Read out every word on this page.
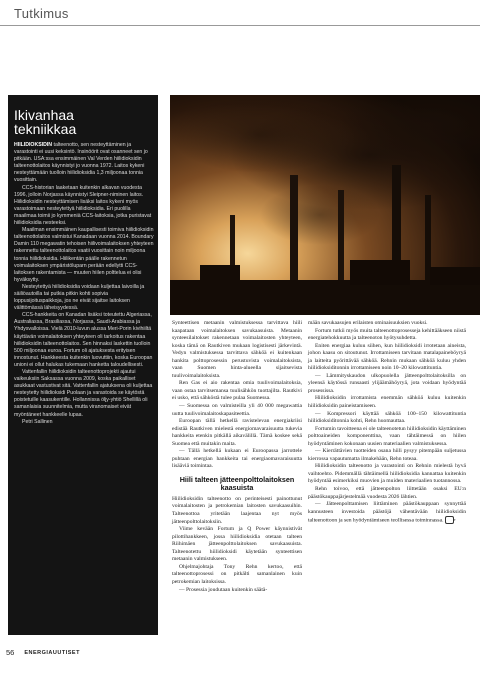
Tutkimus
Ikivanhaa
tekniikkaa

HIILIDIOKSIDIN talteenotto, sen nesteyttäminen ja varastointi ei uusi keksintö. Insinöörit ovat osanneet sen jo pitkään. USA:ssa ensimmäinen Val Verden hiilidioksidin talteenottolaitos käynnistyi jo vuonna 1972. Laitos kykeni nesteyttämään tuolloin hiilidioksidia 1,3 miljoonaa tonnia vuosittain.

CCS-historian laaketaan kuitenkin alkavan vuodesta 1996, jolloin Norjassa käynnistyi Sleipner-niminen laitos. Hiilidioksidin nesteyttämisen lisäksi laitos kykeni myös varastoimaan nesteytettyä hiilidioksidia. Eri puolilla maailmaa toimii jo kymmeniä CCS-laitoksia, jotka puristavat hiilidioksidia nesteeksi.

Maailman ensimmäinen kaupallisesti toimiva hiilidioksidin talteenottolaitos valmistui Kanadaan vuonna 2014. Boundary Damin 110 megawatin tehoisen hiilivoimalaitoksen yhteyteen rakennettu talteenottolaitos vaatii vuosittain noin miljoona tonnia hiilidioksidia. Hiilikentän päälle rakennetun voimalaitoksen ympäristöluparn perään edellytti CCS-laitoksen rakentamista — muuten hiilen polttelua ei olisi hyväksytty.

Nesteytettyä hiilidioksidia voidaan kuljettaa laivoilla ja säiliöautoilla tai putkia pitkin kohti sopivia loppusijoituspaikkoja, jos ne eivät sijaitse laitoksen välittömässä läheisyydessä.

CCS-hankkeita on Kanadan lisäksi toteutettu Algeriassa, Australiassa, Brasiliassa, Norjassa, Saudi-Arabiassa ja Yhdysvalloissa. Vielä 2010-luvun alussa Meri-Porin kivihiiltä käyttävän voimalaitoksen yhteyteen oli tarkoitus rakentaa hiilidioksidin talteenottolaitos. Sen hinnaksi laskettin tuolloin 500 miljoonaa euroa. Fortum oli ajatuksesta erityisen innostunut. Hankkeesta kuitenkin luovuttiin, koska Euroopan unioni ei ollut halukas tukemaan hanketta taloudellisesti.

Vattenfallin hiilidioksidin talteenottoprojekti ajautui vaikeuksiin Saksassa vuonna 2009, koska paikalliset asukkaat vastustivat sitä. Vattenfallin ajatuksena oli kuljettaa nesteytetty hiilidioksidi Puolaan ja varastoida se käytöstä poistetuille kaasukentille. Hollannissa öljy-yhtiö Shellillä oli samanlaisia suunnitelmia, mutta viranomaiset eivät myöntäneet hankkeelle lupaa.

Petri Sallinen

Synteettisen metaanin valmistuksessa tarvittava hiili kaapataan voimalaitoksen savukaasuista. Metaanin synteesilaitokset rakennetaan voimalaitosten yhteyteen, koska tämä on Rautkiven mukaan logistisesti järkevintä. Vedyn valmistuksessa tarvittava sähköä ei kuitenkaan hankita polttoprosessin perustuvista voimalaitoksista, vaan Suomen hinta-alueella sijaitsevista tuulivoimalaitoksista.

Ren Gas ei aio rakentaa omia tuulivoimalaitoksia, vaan ostaa tarvitsemansa tuulisähkön tuottajilta. Rautkivi ei usko, että sähköstä tulee pulaa Suomessa.

— Suomessa on valmisteilla yli 40 000 megawattia uutta tuulivoimalaitoskapasiteettia.

Euroopan tällä hetkellä ravistelevan energiakriisi edistää Rautkiven mielestä energiomavaraisuutta tukevia hankkeita etenkin pitkällä aikavälillä. Tämä koskee sekä Suomea että muitakin maita.

— Tällä hetkellä kukaan ei Euroopassa jarrottele puhtaan energian hankkeita tai energiaomavaraisuutta lisääviä toimintaa.

Hiili talteen jätteenpolttolaitoksen kaasuista

Hiilidioksidin talteenotto on perinteisesti painottunut voimalaitosten ja petrokemian laitosten savukaasuihin. Talteenottoa yritetään laajentaa nyt myös jätteenpolttolaitoksiin.

Viime kevään Fortum ja Q Power käynnistivät pilottihankkeen, jossa hiilidioksidia otetaan talteen Riihimäen jätteenpolttolaitoksen savukaasuista. Talteenotettu hiilidioksidi käytetään synteettisen metaanin valmistukseen.

Ohjelmajohtaja Tony Rehn kertoo, että talteenottoprosessi on pitkälti samanlainen kuin petrokemian laitoksissa.

— Prosessia joudutaan kuitenkin säätä-

mään savukaasujen erilaisten ominaisuuksien vuoksi.

Fortum tutkii myös muita talteenottoprosesseja kehittääkseen niistä energiatehokkuutta ja talteenoton hyötysuhdetta.

Eniten energiaa kuluu siihen, kun hiilidioksidi irrotetaan aineista, johon kaasu on sitoutunut. Irrottamiseen tarvitaan matalapaineböyryä ja laitteita pyörittävää sähköä. Rehnin mukaan sähköä kuluu yhden hiilidioksiditonnin irrottamiseen noin 10–20 kilowattituntia.

— Lämmityskaudon ulkopuolella jätteenpolttolaitoksilla on yleensä käytössä runsaasti ylijäämähöyryä, jota voidaan hyödyntää prosessissa.

Hiilidioksidin irrottamista enemmän sähköä kuluu kuitenkin hiilidioksidin paineistamiseen.

— Kompressori käyttää sähköä 100–150 kilowattituntia hiilidioksiditonnia kohti, Rehn huomauttaa.

Fortumin tavoitteena ei ole talteenotetun hiilidioksidin käyttäminen polttoaineiden komponenttina, vaan tähtäimessä on hiilen hyödyntäminen kokonaan uusien materiaalien valmistuksessa.

— Kierrättävien tuotteiden osana hiili pysyy pitempään suljetussa kierrossa vapautumatta ilmakehään, Rehn toteaa.

Hiilidioksidin talteenotto ja varastointi on Rehnin mielestä hyvä vaihtoehto. Pidemmällä tähtäimellä hiilidioksidia kannattaa kuitenkin hyödyntää esimerkiksi muovien ja muiden materiaalien tuotannossa.

Rehn toivoo, että jätteenpolton liittetään osaksi EU:n päästökauppajärjestelmää vuodesta 2026 lähtien.

— Jätteenpolttamisen liittäminen päästökauppaan synnyttää kannusteen investoida päästöjä vähentävään hiilidioksidin talteenottoon ja sen hyödyntämiseen teollisessa toiminnassa. e

56 ENERGIAUUTISET
